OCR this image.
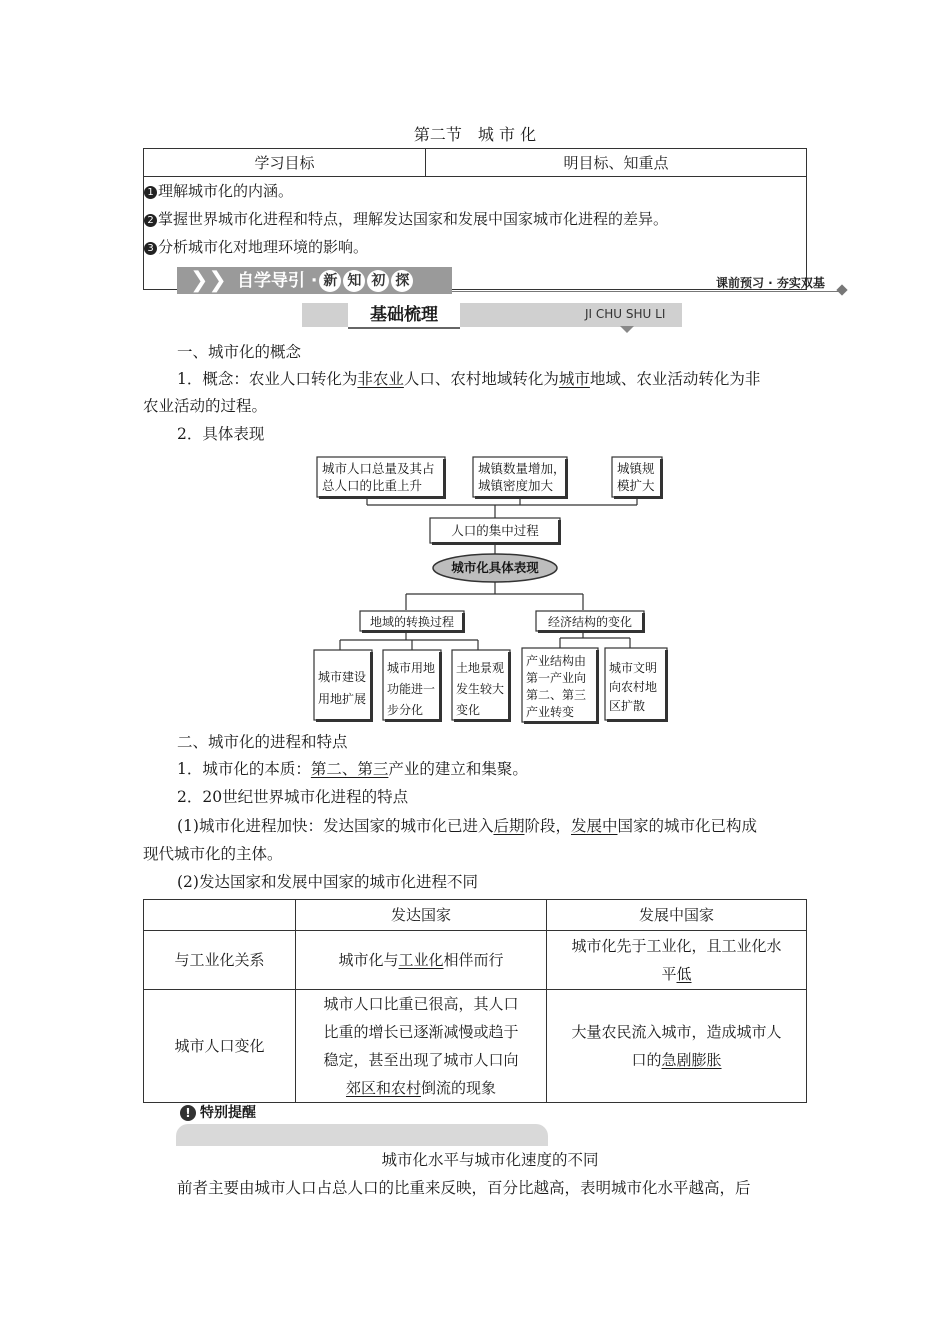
第二节　城 市 化
学习目标	明目标、知重点

1 理解城市化的内涵。
2 掌握世界城市化进程和特点，理解发达国家和发展中国家城市化进程的差异。
3 分析城市化对地理环境的影响。
❯❯ 自学导引 · 新 知 初 探	课前预习 · 夯实双基
基础梳理	JI CHU SHU LI
一、城市化的概念
1．概念：农业人口转化为非农业人口、农村地域转化为城市地域、农业活动转化为非
农业活动的过程。
2．具体表现
城市人口总量及其占
总人口的比重上升
城镇数量增加，
城镇密度加大
城镇规
模扩大
人口的集中过程
城市化具体表现
地域的转换过程	经济结构的变化
城市建设
用地扩展
城市用地
功能进一
步分化
土地景观
发生较大
变化
产业结构由
第一产业向
第二、第三
产业转变
城市文明
向农村地
区扩散
二、城市化的进程和特点
1．城市化的本质：第二、第三产业的建立和集聚。
2．20世纪世界城市化进程的特点
(1)城市化进程加快：发达国家的城市化已进入后期阶段，发展中国家的城市化已构成
现代城市化的主体。
(2)发达国家和发展中国家的城市化进程不同
	发达国家	发展中国家
与工业化关系	城市化与工业化相伴而行	城市化先于工业化，且工业化水
平低
城市人口变化	城市人口比重已很高，其人口
比重的增长已逐渐减慢或趋于
稳定，甚至出现了城市人口向
郊区和农村倒流的现象	大量农民流入城市，造成城市人
口的急剧膨胀
! 特别提醒
城市化水平与城市化速度的不同
前者主要由城市人口占总人口的比重来反映，百分比越高，表明城市化水平越高，后
